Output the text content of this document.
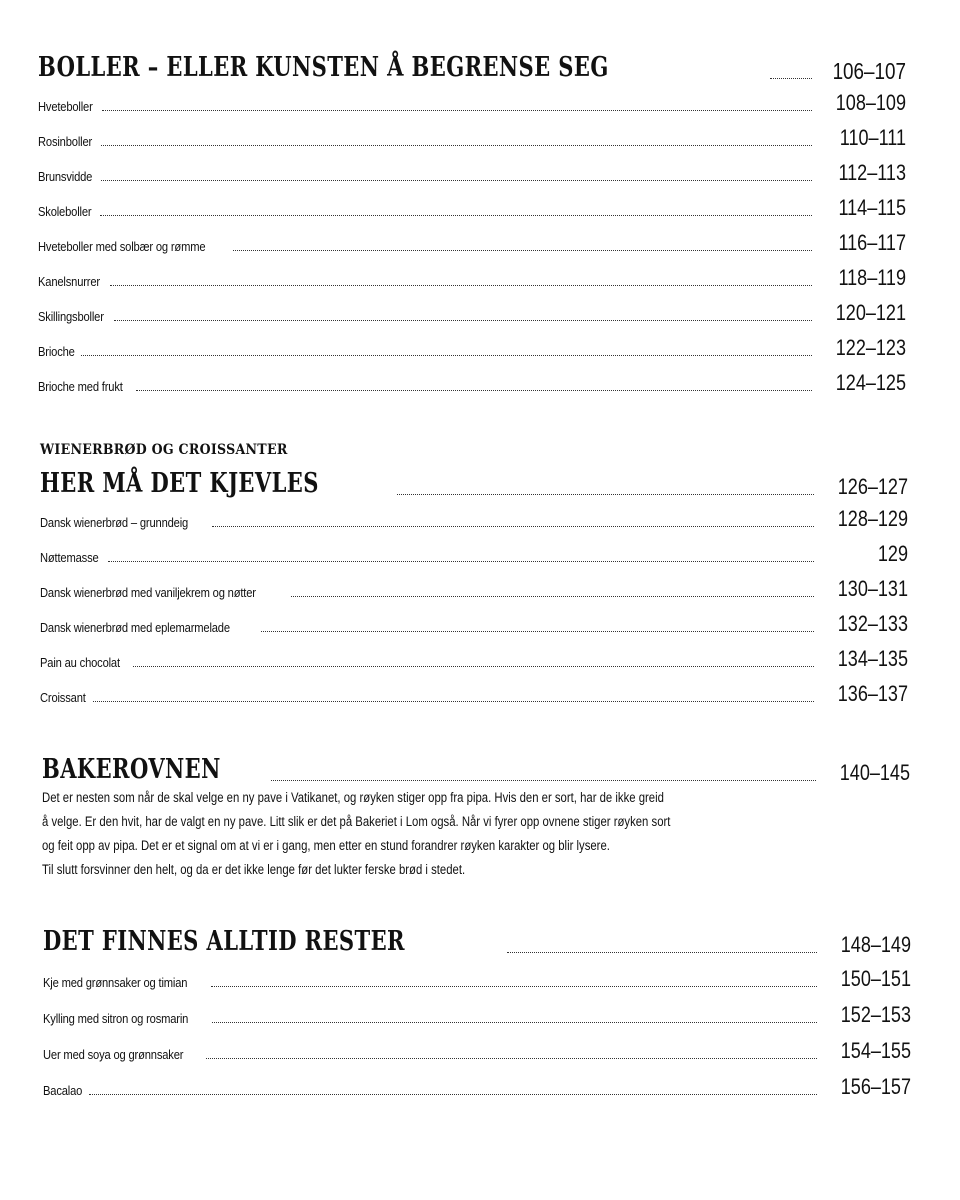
BOLLER – ELLER KUNSTEN Å BEGRENSE SEG	106–107
Hveteboller	108–109
Rosinboller	110–111
Brunsvidde	112–113
Skoleboller	114–115
Hveteboller med solbær og rømme	116–117
Kanelsnurrer	118–119
Skillingsboller	120–121
Brioche	122–123
Brioche med frukt	124–125
WIENERBRØD OG CROISSANTER
HER MÅ DET KJEVLES	126–127
Dansk wienerbrød – grunndeig	128–129
Nøttemasse	129
Dansk wienerbrød med vaniljekrem og nøtter	130–131
Dansk wienerbrød med eplemarmelade	132–133
Pain au chocolat	134–135
Croissant	136–137
BAKEROVNEN	140–145
Det er nesten som når de skal velge en ny pave i Vatikanet, og røyken stiger opp fra pipa. Hvis den er sort, har de ikke greid
å velge. Er den hvit, har de valgt en ny pave. Litt slik er det på Bakeriet i Lom også. Når vi fyrer opp ovnene stiger røyken sort
og feit opp av pipa. Det er et signal om at vi er i gang, men etter en stund forandrer røyken karakter og blir lysere.
Til slutt forsvinner den helt, og da er det ikke lenge før det lukter ferske brød i stedet.
DET FINNES ALLTID RESTER	148–149
Kje med grønnsaker og timian	150–151
Kylling med sitron og rosmarin	152–153
Uer med soya og grønnsaker	154–155
Bacalao	156–157
